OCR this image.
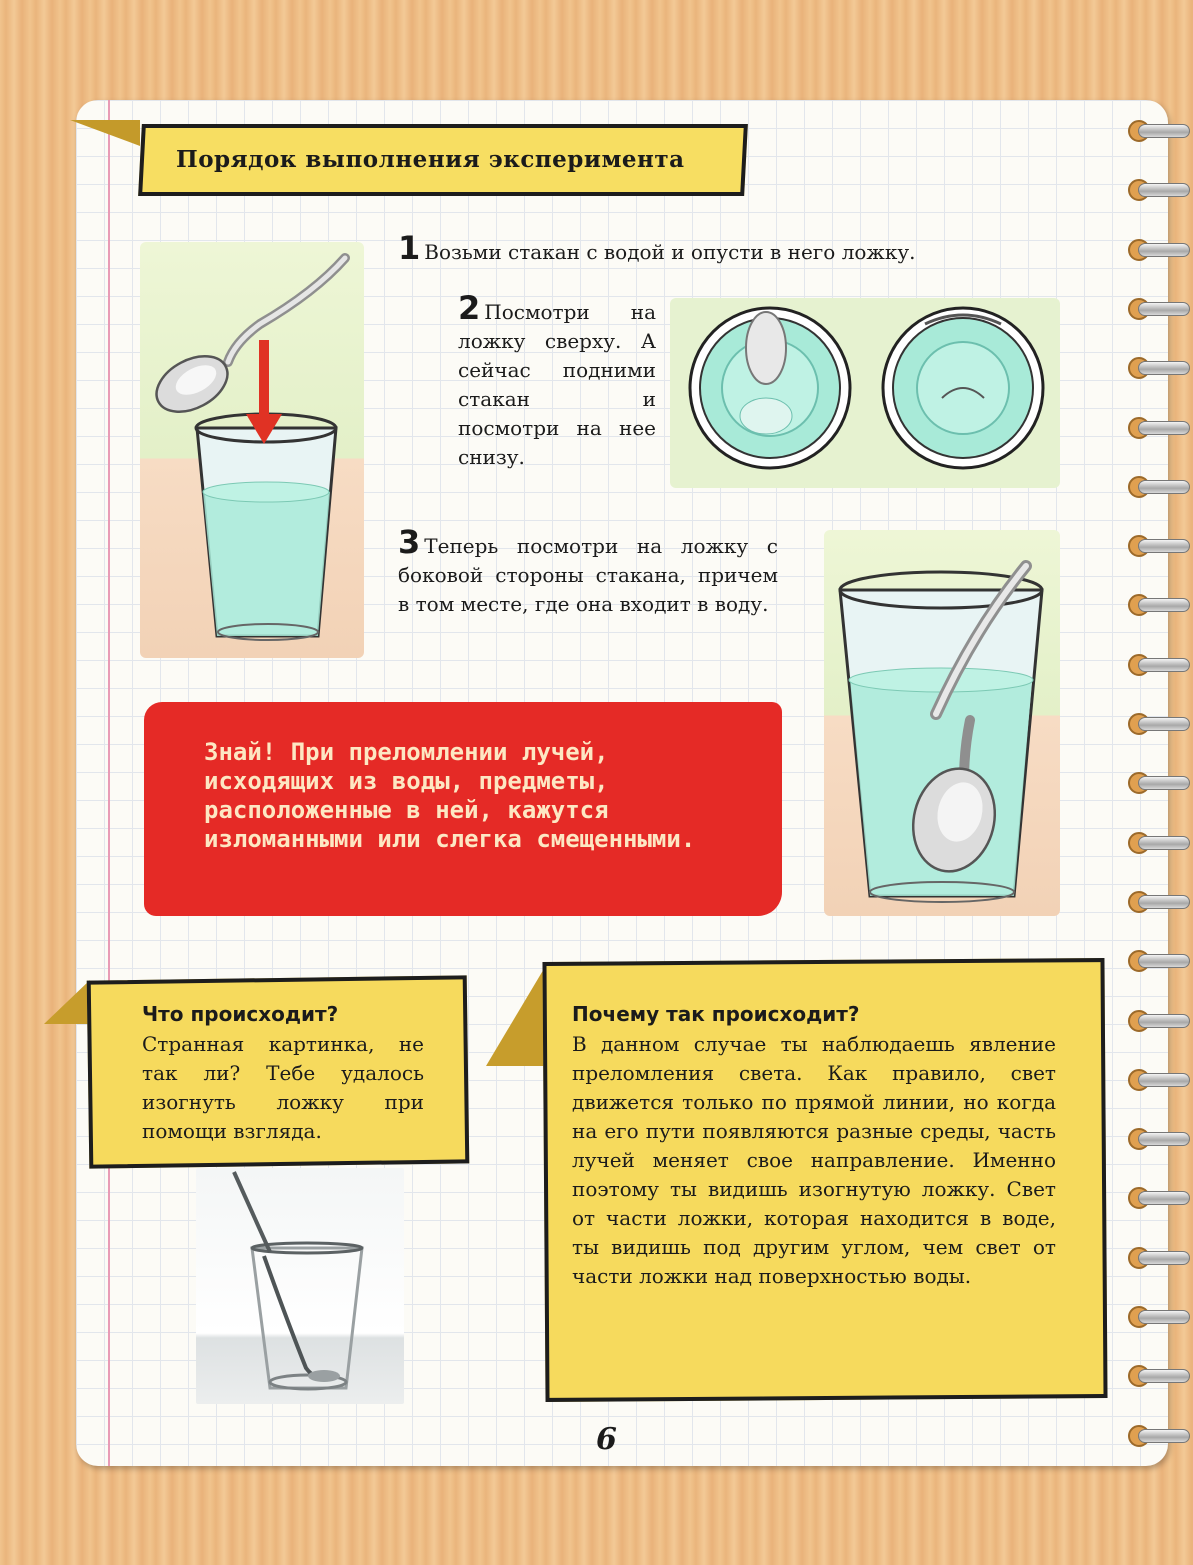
Порядок выполнения эксперимента
1 Возьми стакан с водой и опусти в него ложку.
2 Посмотри на ложку сверху. А сейчас подними стакан и посмотри на нее снизу.
3 Теперь посмотри на ложку с боковой стороны стакана, причем в том месте, где она входит в воду.
Знай! При преломлении лучей, исходящих из воды, предметы, расположенные в ней, кажутся изломанными или слегка смещенными.
Что происходит?
Странная картинка, не так ли? Тебе удалось изогнуть ложку при помощи взгляда.
Почему так происходит?
В данном случае ты наблюдаешь явление преломления света. Как правило, свет движется только по прямой линии, но когда на его пути появляются разные среды, часть лучей меняет свое направление. Именно поэтому ты видишь изогнутую ложку. Свет от части ложки, которая находится в воде, ты видишь под другим углом, чем свет от части ложки над поверхностью воды.
6
